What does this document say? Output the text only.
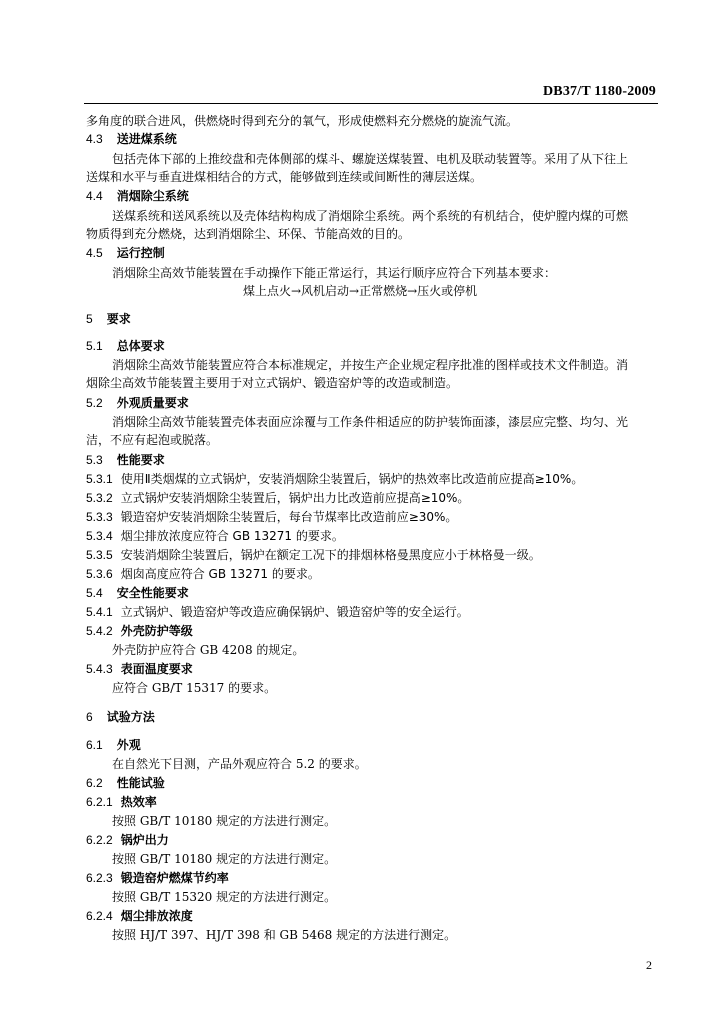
DB37/T 1180-2009
多角度的联合进风，供燃烧时得到充分的氧气，形成使燃料充分燃烧的旋流气流。
4.3 送进煤系统
包括壳体下部的上推绞盘和壳体侧部的煤斗、螺旋送煤装置、电机及联动装置等。采用了从下往上
送煤和水平与垂直进煤相结合的方式，能够做到连续或间断性的薄层送煤。
4.4 消烟除尘系统
送煤系统和送风系统以及壳体结构构成了消烟除尘系统。两个系统的有机结合，使炉膛内煤的可燃
物质得到充分燃烧，达到消烟除尘、环保、节能高效的目的。
4.5 运行控制
消烟除尘高效节能装置在手动操作下能正常运行，其运行顺序应符合下列基本要求：
煤上点火→风机启动→正常燃烧→压火或停机
5 要求
5.1 总体要求
消烟除尘高效节能装置应符合本标准规定，并按生产企业规定程序批准的图样或技术文件制造。消
烟除尘高效节能装置主要用于对立式锅炉、锻造窑炉等的改造或制造。
5.2 外观质量要求
消烟除尘高效节能装置壳体表面应涂覆与工作条件相适应的防护装饰面漆，漆层应完整、均匀、光
洁，不应有起泡或脱落。
5.3 性能要求
5.3.1 使用Ⅱ类烟煤的立式锅炉，安装消烟除尘装置后，锅炉的热效率比改造前应提高≥10%。
5.3.2 立式锅炉安装消烟除尘装置后，锅炉出力比改造前应提高≥10%。
5.3.3 锻造窑炉安装消烟除尘装置后，每台节煤率比改造前应≥30%。
5.3.4 烟尘排放浓度应符合 GB 13271 的要求。
5.3.5 安装消烟除尘装置后，锅炉在额定工况下的排烟林格曼黑度应小于林格曼一级。
5.3.6 烟囱高度应符合 GB 13271 的要求。
5.4 安全性能要求
5.4.1 立式锅炉、锻造窑炉等改造应确保锅炉、锻造窑炉等的安全运行。
5.4.2 外壳防护等级
外壳防护应符合 GB 4208 的规定。
5.4.3 表面温度要求
应符合 GB/T 15317 的要求。
6 试验方法
6.1 外观
在自然光下目测，产品外观应符合 5.2 的要求。
6.2 性能试验
6.2.1 热效率
按照 GB/T 10180 规定的方法进行测定。
6.2.2 锅炉出力
按照 GB/T 10180 规定的方法进行测定。
6.2.3 锻造窑炉燃煤节约率
按照 GB/T 15320 规定的方法进行测定。
6.2.4 烟尘排放浓度
按照 HJ/T 397、HJ/T 398 和 GB 5468 规定的方法进行测定。
2
